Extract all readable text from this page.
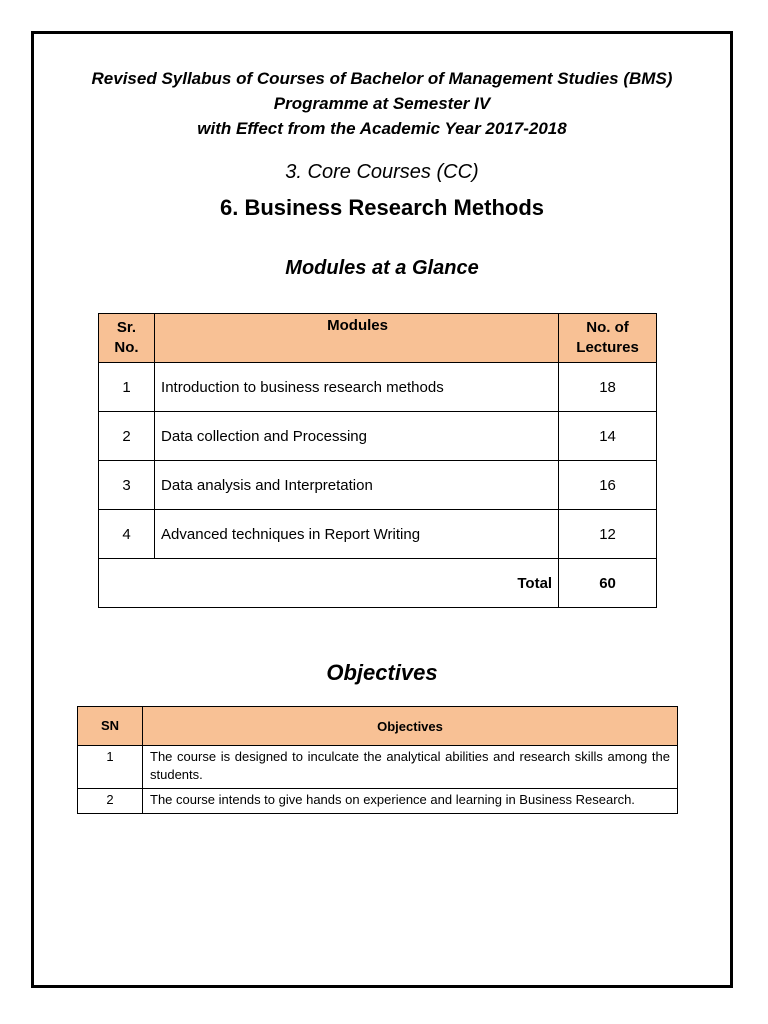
Revised Syllabus of Courses of Bachelor of Management Studies (BMS)
Programme at Semester IV
with Effect from the Academic Year 2017-2018
3. Core Courses (CC)
6. Business Research Methods
Modules at a Glance
Sr. No.	Modules	No. of Lectures
1	Introduction to business research methods	18
2	Data collection and Processing	14
3	Data analysis and Interpretation	16
4	Advanced techniques in Report Writing	12
Total		60
Objectives
SN	Objectives
1	The course is designed to inculcate the analytical abilities and research skills among the students.
2	The course intends to give hands on experience and learning in Business Research.
